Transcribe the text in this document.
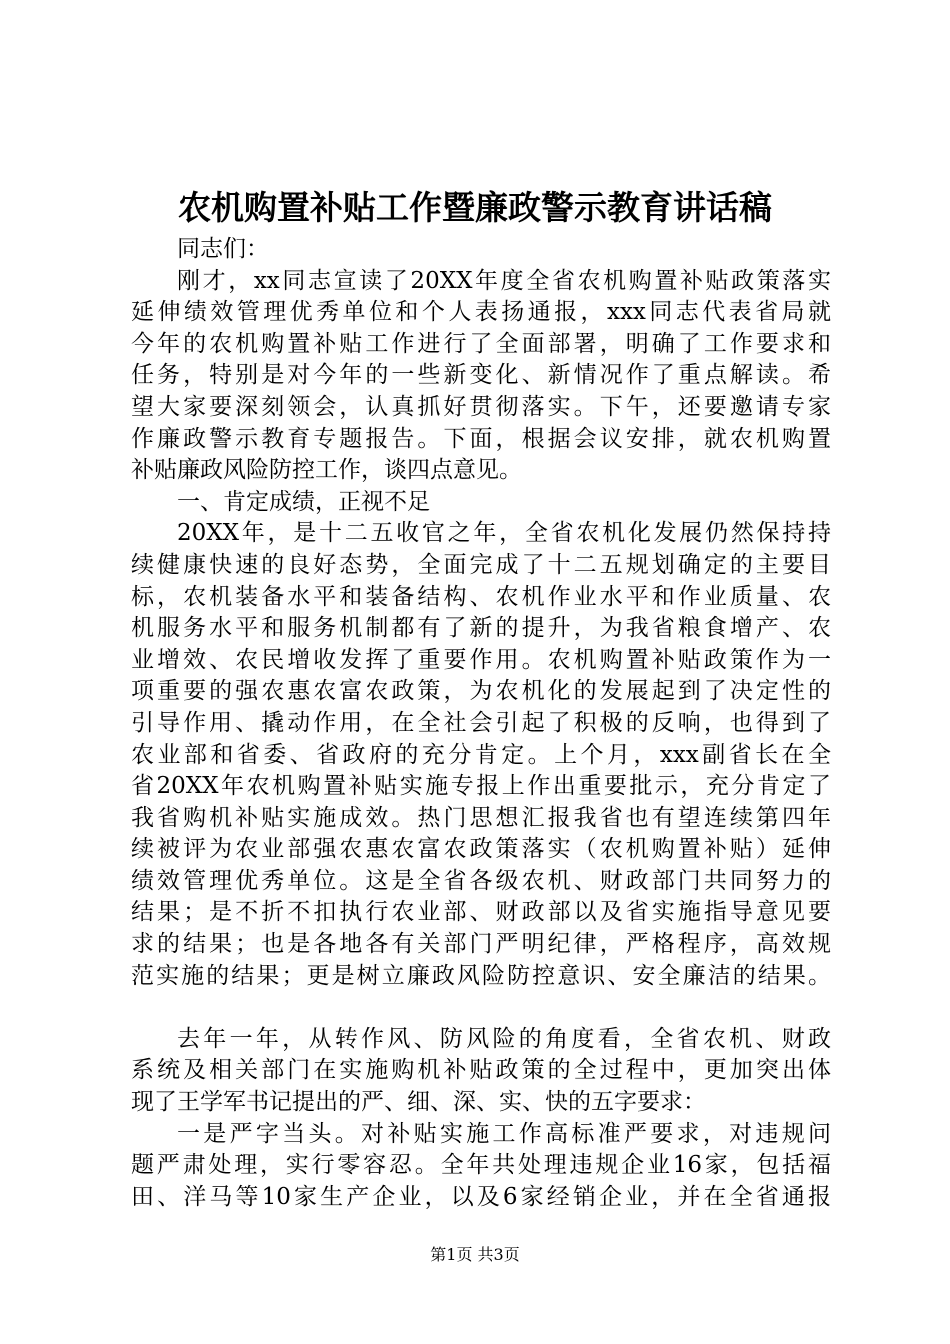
农机购置补贴工作暨廉政警示教育讲话稿
同志们：
刚才，xx同志宣读了20XX年度全省农机购置补贴政策落实
延伸绩效管理优秀单位和个人表扬通报，xxx同志代表省局就
今年的农机购置补贴工作进行了全面部署，明确了工作要求和
任务，特别是对今年的一些新变化、新情况作了重点解读。希
望大家要深刻领会，认真抓好贯彻落实。下午，还要邀请专家
作廉政警示教育专题报告。下面，根据会议安排，就农机购置
补贴廉政风险防控工作，谈四点意见。
一、肯定成绩，正视不足
20XX年，是十二五收官之年，全省农机化发展仍然保持持
续健康快速的良好态势，全面完成了十二五规划确定的主要目
标，农机装备水平和装备结构、农机作业水平和作业质量、农
机服务水平和服务机制都有了新的提升，为我省粮食增产、农
业增效、农民增收发挥了重要作用。农机购置补贴政策作为一
项重要的强农惠农富农政策，为农机化的发展起到了决定性的
引导作用、撬动作用，在全社会引起了积极的反响，也得到了
农业部和省委、省政府的充分肯定。上个月，xxx副省长在全
省20XX年农机购置补贴实施专报上作出重要批示，充分肯定了
我省购机补贴实施成效。热门思想汇报我省也有望连续第四年
续被评为农业部强农惠农富农政策落实（农机购置补贴）延伸
绩效管理优秀单位。这是全省各级农机、财政部门共同努力的
结果；是不折不扣执行农业部、财政部以及省实施指导意见要
求的结果；也是各地各有关部门严明纪律，严格程序，高效规
范实施的结果；更是树立廉政风险防控意识、安全廉洁的结果。
去年一年，从转作风、防风险的角度看，全省农机、财政
系统及相关部门在实施购机补贴政策的全过程中，更加突出体
现了王学军书记提出的严、细、深、实、快的五字要求：
一是严字当头。对补贴实施工作高标准严要求，对违规问
题严肃处理，实行零容忍。全年共处理违规企业16家，包括福
田、洋马等10家生产企业，以及6家经销企业，并在全省通报
第1页 共3页
